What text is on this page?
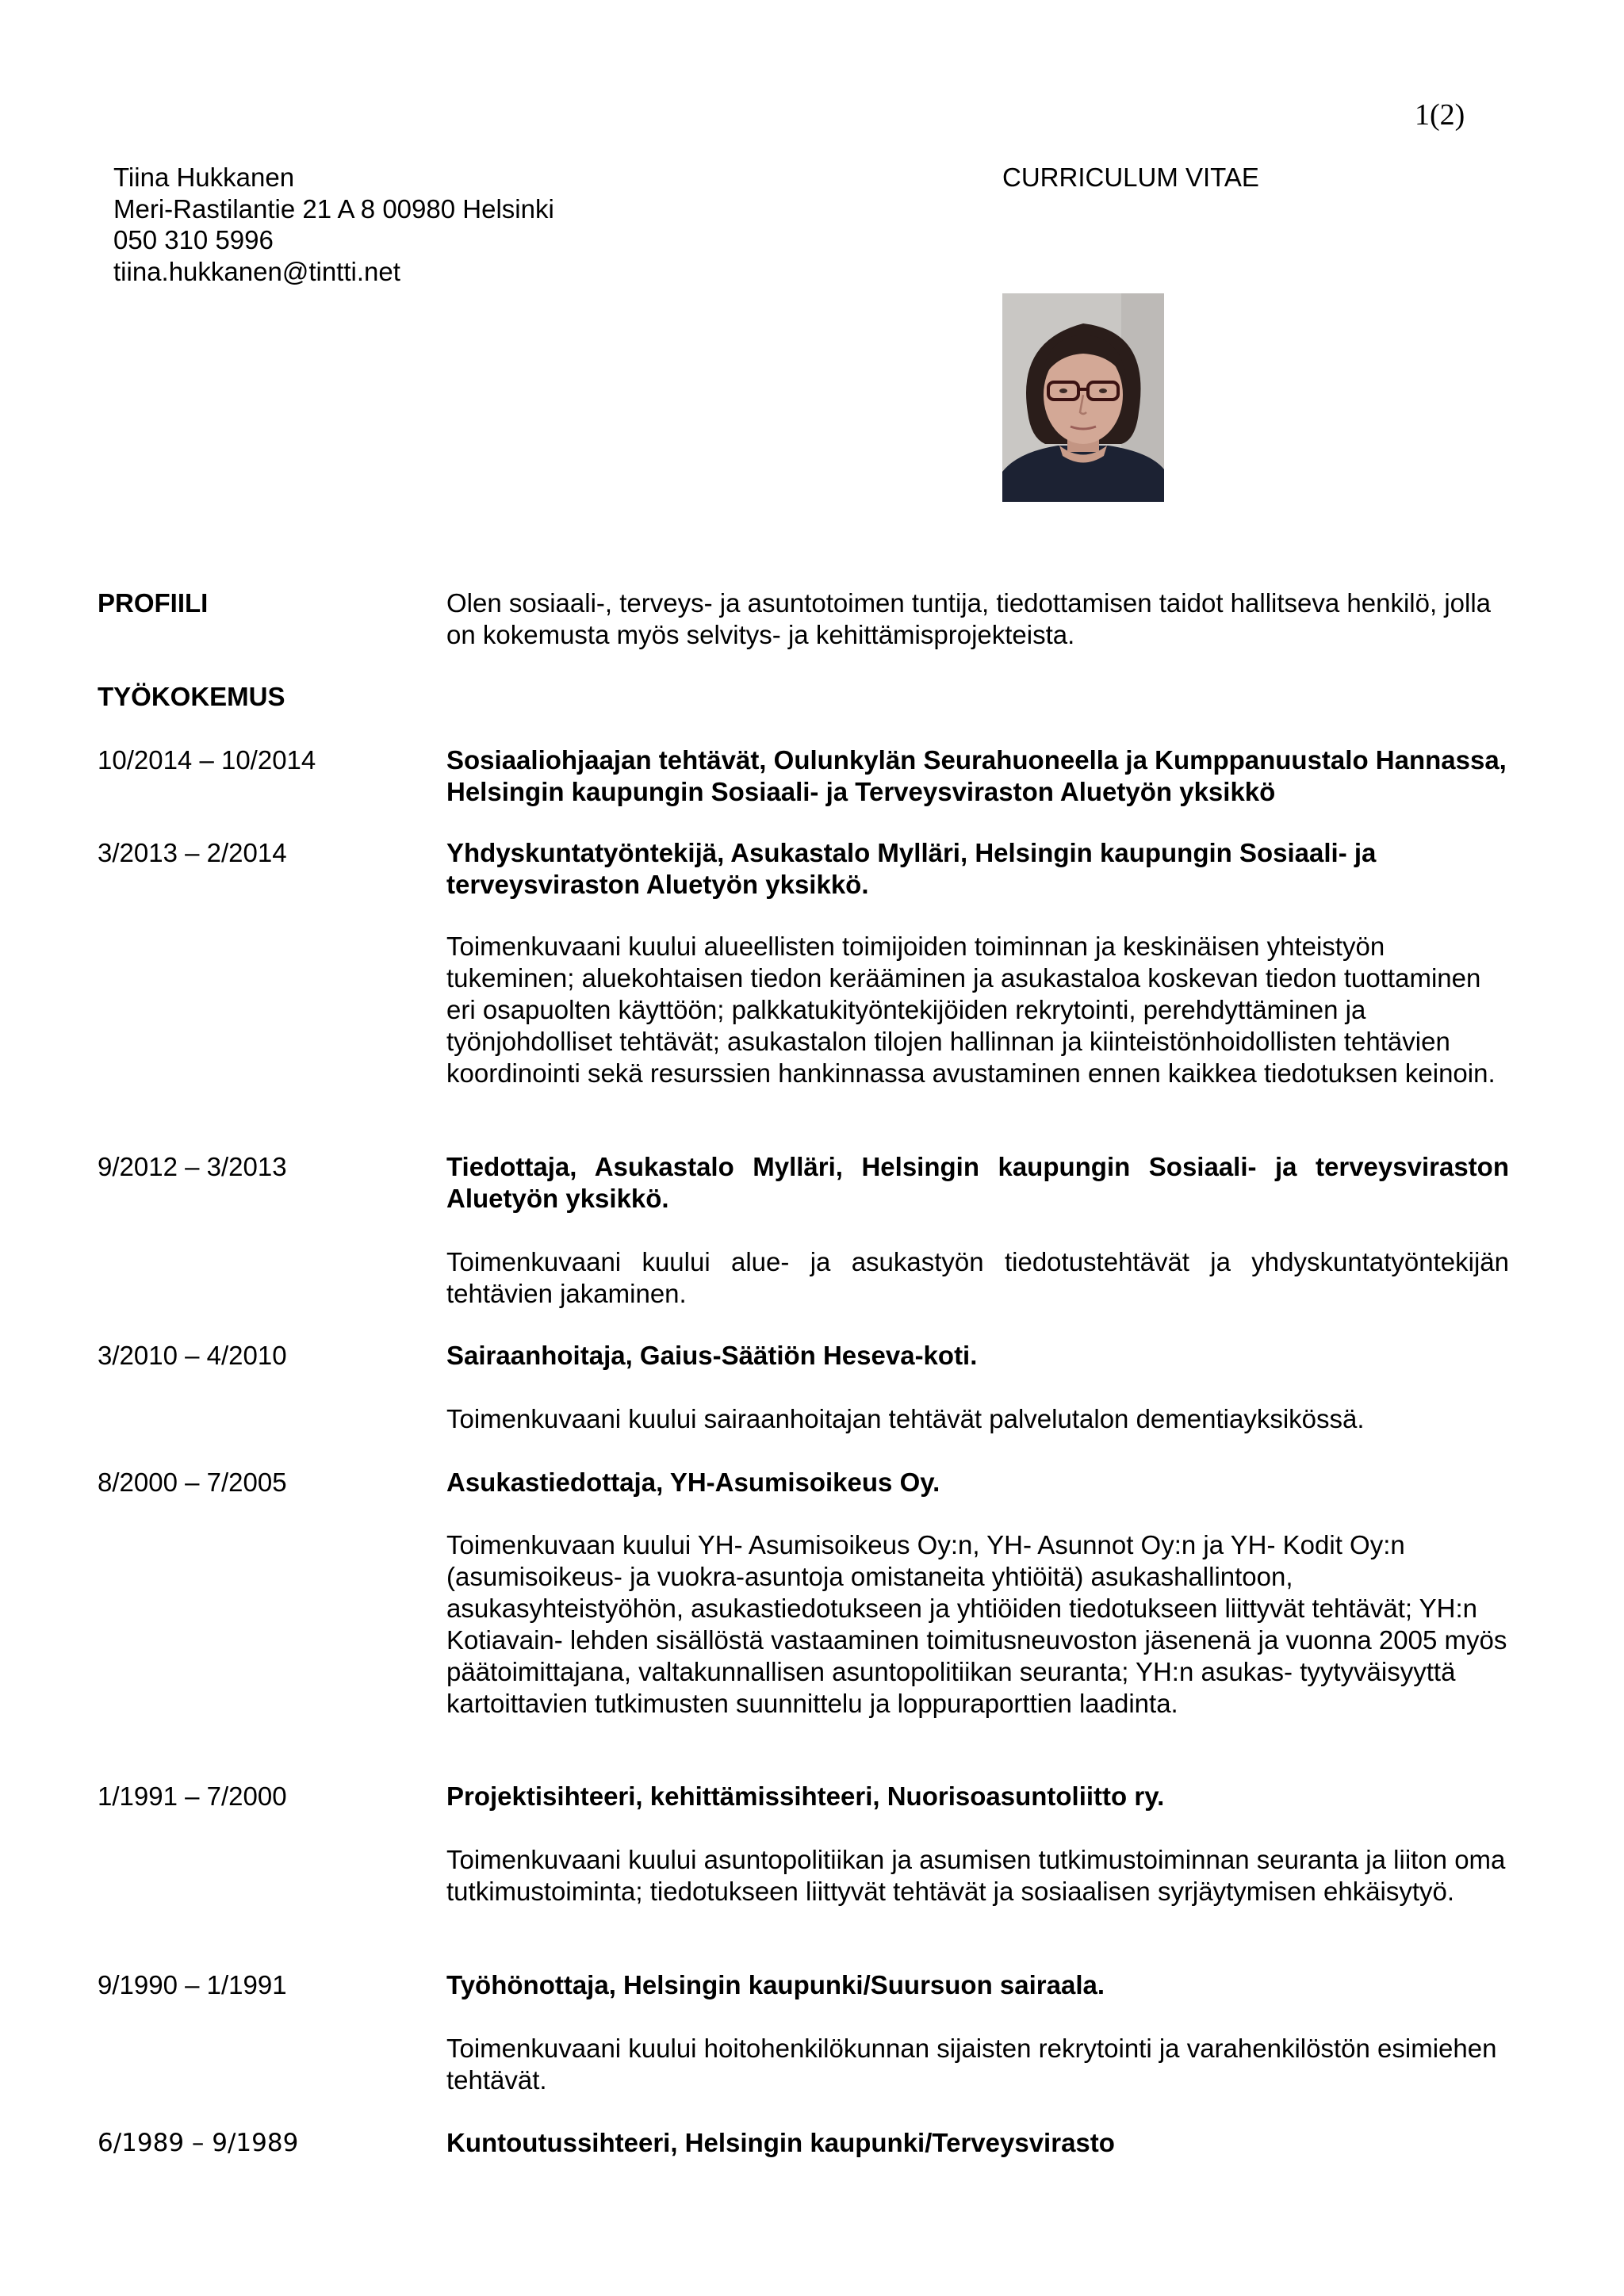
1(2)
Tiina Hukkanen
Meri-Rastilantie 21 A 8 00980 Helsinki
050 310 5996
tiina.hukkanen@tintti.net
CURRICULUM VITAE
PROFIILI	Olen sosiaali-, terveys- ja asuntotoimen tuntija, tiedottamisen taidot hallitseva henkilö, jolla on kokemusta myös selvitys- ja kehittämisprojekteista.
TYÖKOKEMUS
10/2014 – 10/2014	Sosiaaliohjaajan tehtävät, Oulunkylän Seurahuoneella ja Kumppanuustalo Hannassa, Helsingin kaupungin Sosiaali- ja Terveysviraston Aluetyön yksikkö
3/2013 – 2/2014	Yhdyskuntatyöntekijä, Asukastalo Mylläri, Helsingin kaupungin Sosiaali- ja terveysviraston Aluetyön yksikkö.
Toimenkuvaani kuului alueellisten toimijoiden toiminnan ja keskinäisen yhteistyön tukeminen; aluekohtaisen tiedon kerääminen ja asukastaloa koskevan tiedon tuottaminen eri osapuolten käyttöön; palkkatukityöntekijöiden rekrytointi, perehdyttäminen ja työnjohdolliset tehtävät; asukastalon tilojen hallinnan ja kiinteistönhoidollisten tehtävien koordinointi sekä resurssien hankinnassa avustaminen ennen kaikkea tiedotuksen keinoin.
9/2012 – 3/2013	Tiedottaja, Asukastalo Mylläri, Helsingin kaupungin Sosiaali- ja terveysviraston Aluetyön yksikkö.
Toimenkuvaani kuului alue- ja asukastyön tiedotustehtävät ja yhdyskuntatyöntekijän tehtävien jakaminen.
3/2010 – 4/2010	Sairaanhoitaja, Gaius-Säätiön Heseva-koti.
Toimenkuvaani kuului sairaanhoitajan tehtävät palvelutalon dementiayksikössä.
8/2000 – 7/2005	Asukastiedottaja, YH-Asumisoikeus Oy.
Toimenkuvaan kuului YH- Asumisoikeus Oy:n, YH- Asunnot Oy:n ja YH- Kodit Oy:n (asumisoikeus- ja vuokra-asuntoja omistaneita yhtiöitä) asukashallintoon, asukasyhteistyöhön, asukastiedotukseen ja yhtiöiden tiedotukseen liittyvät tehtävät; YH:n Kotiavain- lehden sisällöstä vastaaminen toimitusneuvoston jäsenenä ja vuonna 2005 myös päätoimittajana, valtakunnallisen asuntopolitiikan seuranta; YH:n asukas- tyytyväisyyttä kartoittavien tutkimusten suunnittelu ja loppuraporttien laadinta.
1/1991 – 7/2000	Projektisihteeri, kehittämissihteeri, Nuorisoasuntoliitto ry.
Toimenkuvaani kuului asuntopolitiikan ja asumisen tutkimustoiminnan seuranta ja liiton oma tutkimustoiminta; tiedotukseen liittyvät tehtävät ja sosiaalisen syrjäytymisen ehkäisytyö.
9/1990 – 1/1991	Työhönottaja, Helsingin kaupunki/Suursuon sairaala.
Toimenkuvaani kuului hoitohenkilökunnan sijaisten rekrytointi ja varahenkilöstön esimiehen tehtävät.
6/1989 – 9/1989	Kuntoutussihteeri, Helsingin kaupunki/Terveysvirasto
